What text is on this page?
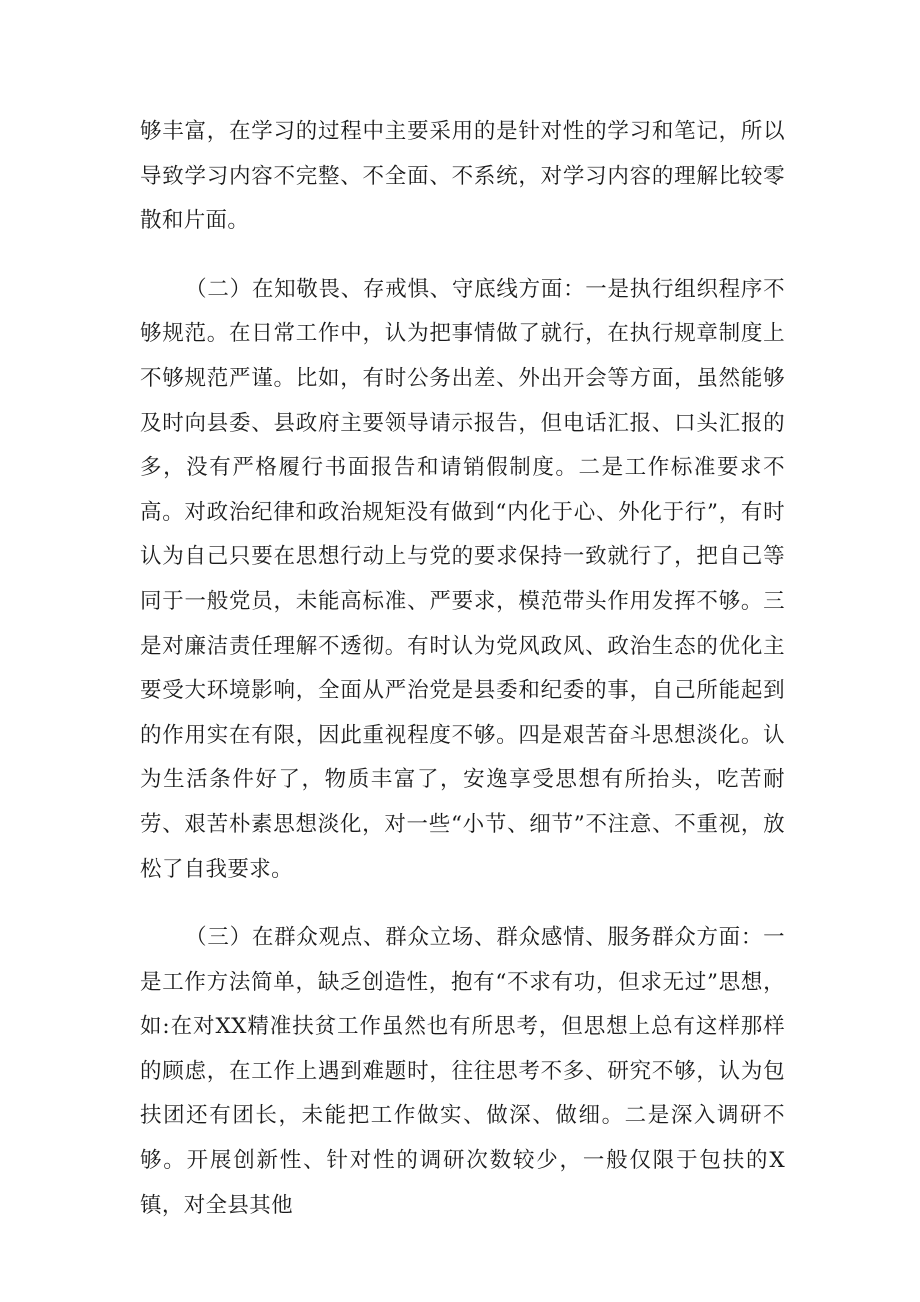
够丰富，在学习的过程中主要采用的是针对性的学习和笔记，所以导致学习内容不完整、不全面、不系统，对学习内容的理解比较零散和片面。

（二）在知敬畏、存戒惧、守底线方面：一是执行组织程序不够规范。在日常工作中，认为把事情做了就行，在执行规章制度上不够规范严谨。比如，有时公务出差、外出开会等方面，虽然能够及时向县委、县政府主要领导请示报告，但电话汇报、口头汇报的多，没有严格履行书面报告和请销假制度。二是工作标准要求不高。对政治纪律和政治规矩没有做到“内化于心、外化于行”，有时认为自己只要在思想行动上与党的要求保持一致就行了，把自己等同于一般党员，未能高标准、严要求，模范带头作用发挥不够。三是对廉洁责任理解不透彻。有时认为党风政风、政治生态的优化主要受大环境影响，全面从严治党是县委和纪委的事，自己所能起到的作用实在有限，因此重视程度不够。四是艰苦奋斗思想淡化。认为生活条件好了，物质丰富了，安逸享受思想有所抬头，吃苦耐劳、艰苦朴素思想淡化，对一些“小节、细节”不注意、不重视，放松了自我要求。

（三）在群众观点、群众立场、群众感情、服务群众方面：一是工作方法简单，缺乏创造性，抱有“不求有功，但求无过”思想，如:在对XX精准扶贫工作虽然也有所思考，但思想上总有这样那样的顾虑，在工作上遇到难题时，往往思考不多、研究不够，认为包扶团还有团长，未能把工作做实、做深、做细。二是深入调研不够。开展创新性、针对性的调研次数较少，一般仅限于包扶的X镇，对全县其他
